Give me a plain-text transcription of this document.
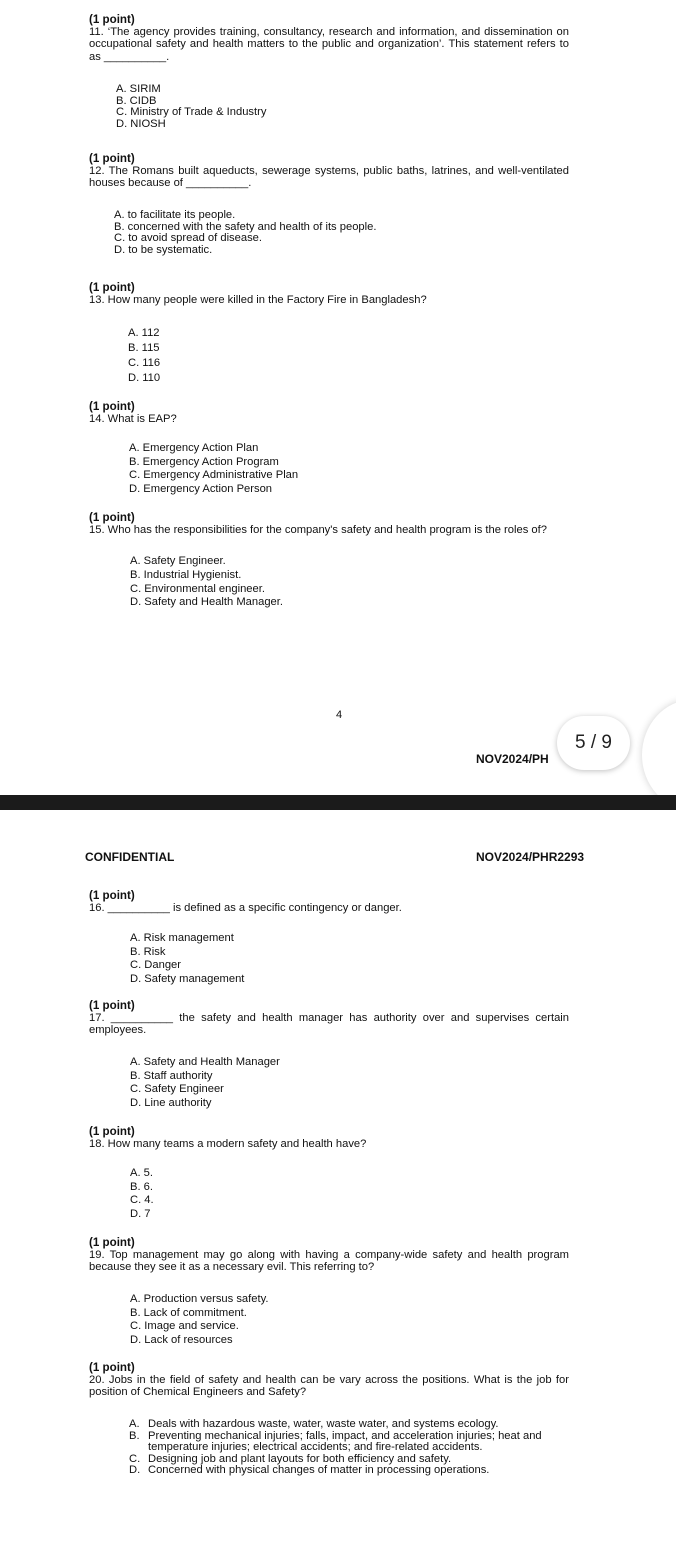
(1 point)
11. ‘The agency provides training, consultancy, research and information, and dissemination on occupational safety and health matters to the public and organization’. This statement refers to as __________.
A. SIRIM
B. CIDB
C. Ministry of Trade & Industry
D. NIOSH
(1 point)
12. The Romans built aqueducts, sewerage systems, public baths, latrines, and well-ventilated houses because of __________.
A. to facilitate its people.
B. concerned with the safety and health of its people.
C. to avoid spread of disease.
D. to be systematic.
(1 point)
13. How many people were killed in the Factory Fire in Bangladesh?
A. 112
B. 115
C. 116
D. 110
(1 point)
14. What is EAP?
A. Emergency Action Plan
B. Emergency Action Program
C. Emergency Administrative Plan
D. Emergency Action Person
(1 point)
15. Who has the responsibilities for the company's safety and health program is the roles of?
A. Safety Engineer.
B. Industrial Hygienist.
C. Environmental engineer.
D. Safety and Health Manager.
4
NOV2024/PH
5 / 9
CONFIDENTIAL	NOV2024/PHR2293
(1 point)
16. __________ is defined as a specific contingency or danger.
A. Risk management
B. Risk
C. Danger
D. Safety management
(1 point)
17. __________ the safety and health manager has authority over and supervises certain employees.
A. Safety and Health Manager
B. Staff authority
C. Safety Engineer
D. Line authority
(1 point)
18. How many teams a modern safety and health have?
A. 5.
B. 6.
C. 4.
D. 7
(1 point)
19. Top management may go along with having a company-wide safety and health program because they see it as a necessary evil. This referring to?
A. Production versus safety.
B. Lack of commitment.
C. Image and service.
D. Lack of resources
(1 point)
20. Jobs in the field of safety and health can be vary across the positions. What is the job for position of Chemical Engineers and Safety?
A. Deals with hazardous waste, water, waste water, and systems ecology.
B. Preventing mechanical injuries; falls, impact, and acceleration injuries; heat and temperature injuries; electrical accidents; and fire-related accidents.
C. Designing job and plant layouts for both efficiency and safety.
D. Concerned with physical changes of matter in processing operations.
